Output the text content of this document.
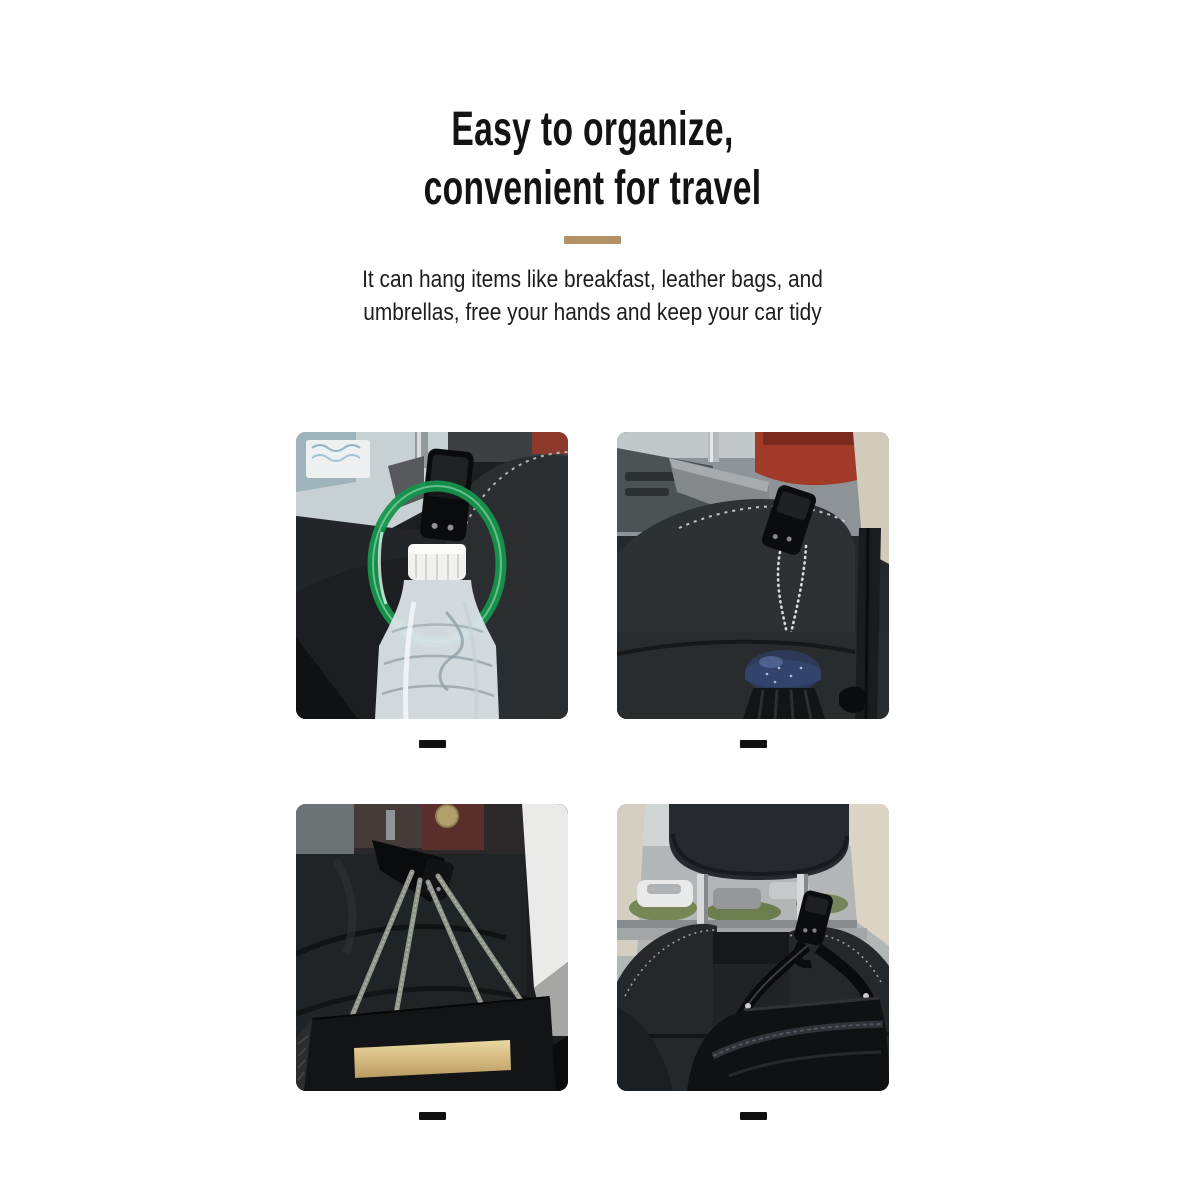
Easy to organize,
convenient for travel

It can hang items like breakfast, leather bags, and
umbrellas, free your hands and keep your car tidy
